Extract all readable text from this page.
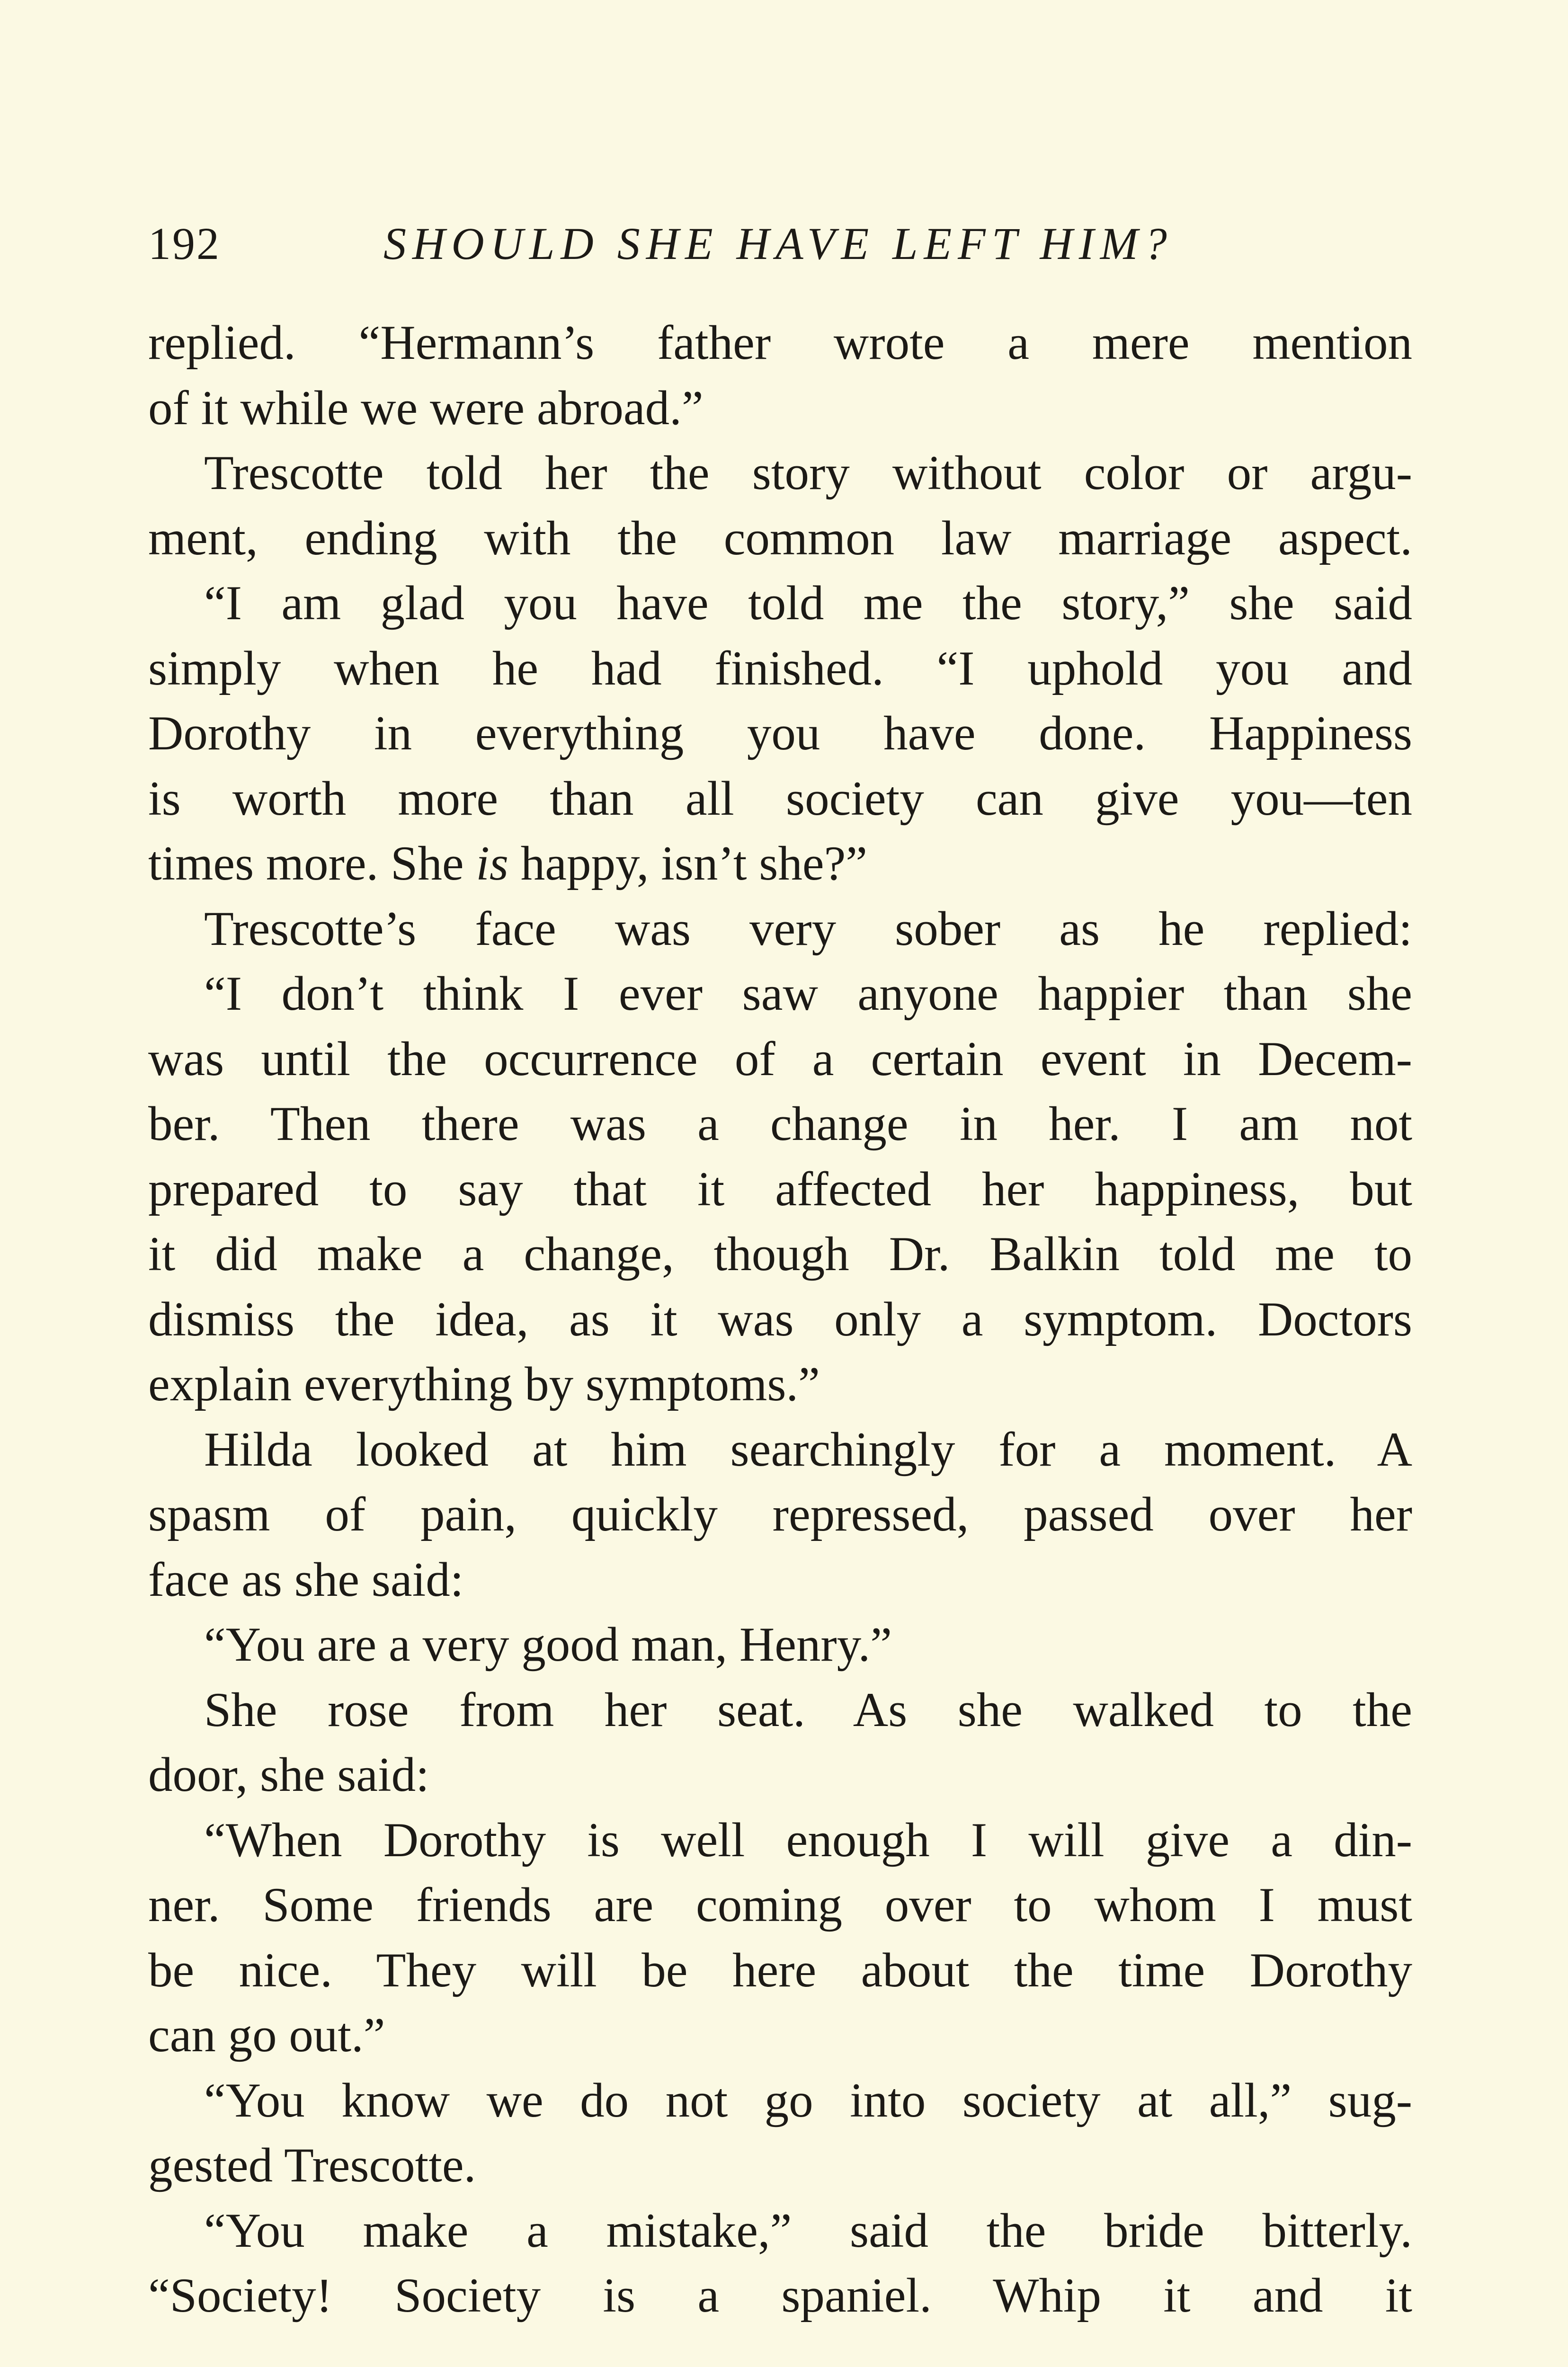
192	SHOULD SHE HAVE LEFT HIM?
replied. “Hermann’s father wrote a mere mention
of it while we were abroad.”
Trescotte told her the story without color or argu-
ment, ending with the common law marriage aspect.
“I am glad you have told me the story,” she said
simply when he had finished. “I uphold you and
Dorothy in everything you have done. Happiness
is worth more than all society can give you—ten
times more. She is happy, isn’t she?”
Trescotte’s face was very sober as he replied:
“I don’t think I ever saw anyone happier than she
was until the occurrence of a certain event in Decem-
ber. Then there was a change in her. I am not
prepared to say that it affected her happiness, but
it did make a change, though Dr. Balkin told me to
dismiss the idea, as it was only a symptom. Doctors
explain everything by symptoms.”
Hilda looked at him searchingly for a moment. A
spasm of pain, quickly repressed, passed over her
face as she said:
“You are a very good man, Henry.”
She rose from her seat. As she walked to the
door, she said:
“When Dorothy is well enough I will give a din-
ner. Some friends are coming over to whom I must
be nice. They will be here about the time Dorothy
can go out.”
“You know we do not go into society at all,” sug-
gested Trescotte.
“You make a mistake,” said the bride bitterly.
“Society! Society is a spaniel. Whip it and it
